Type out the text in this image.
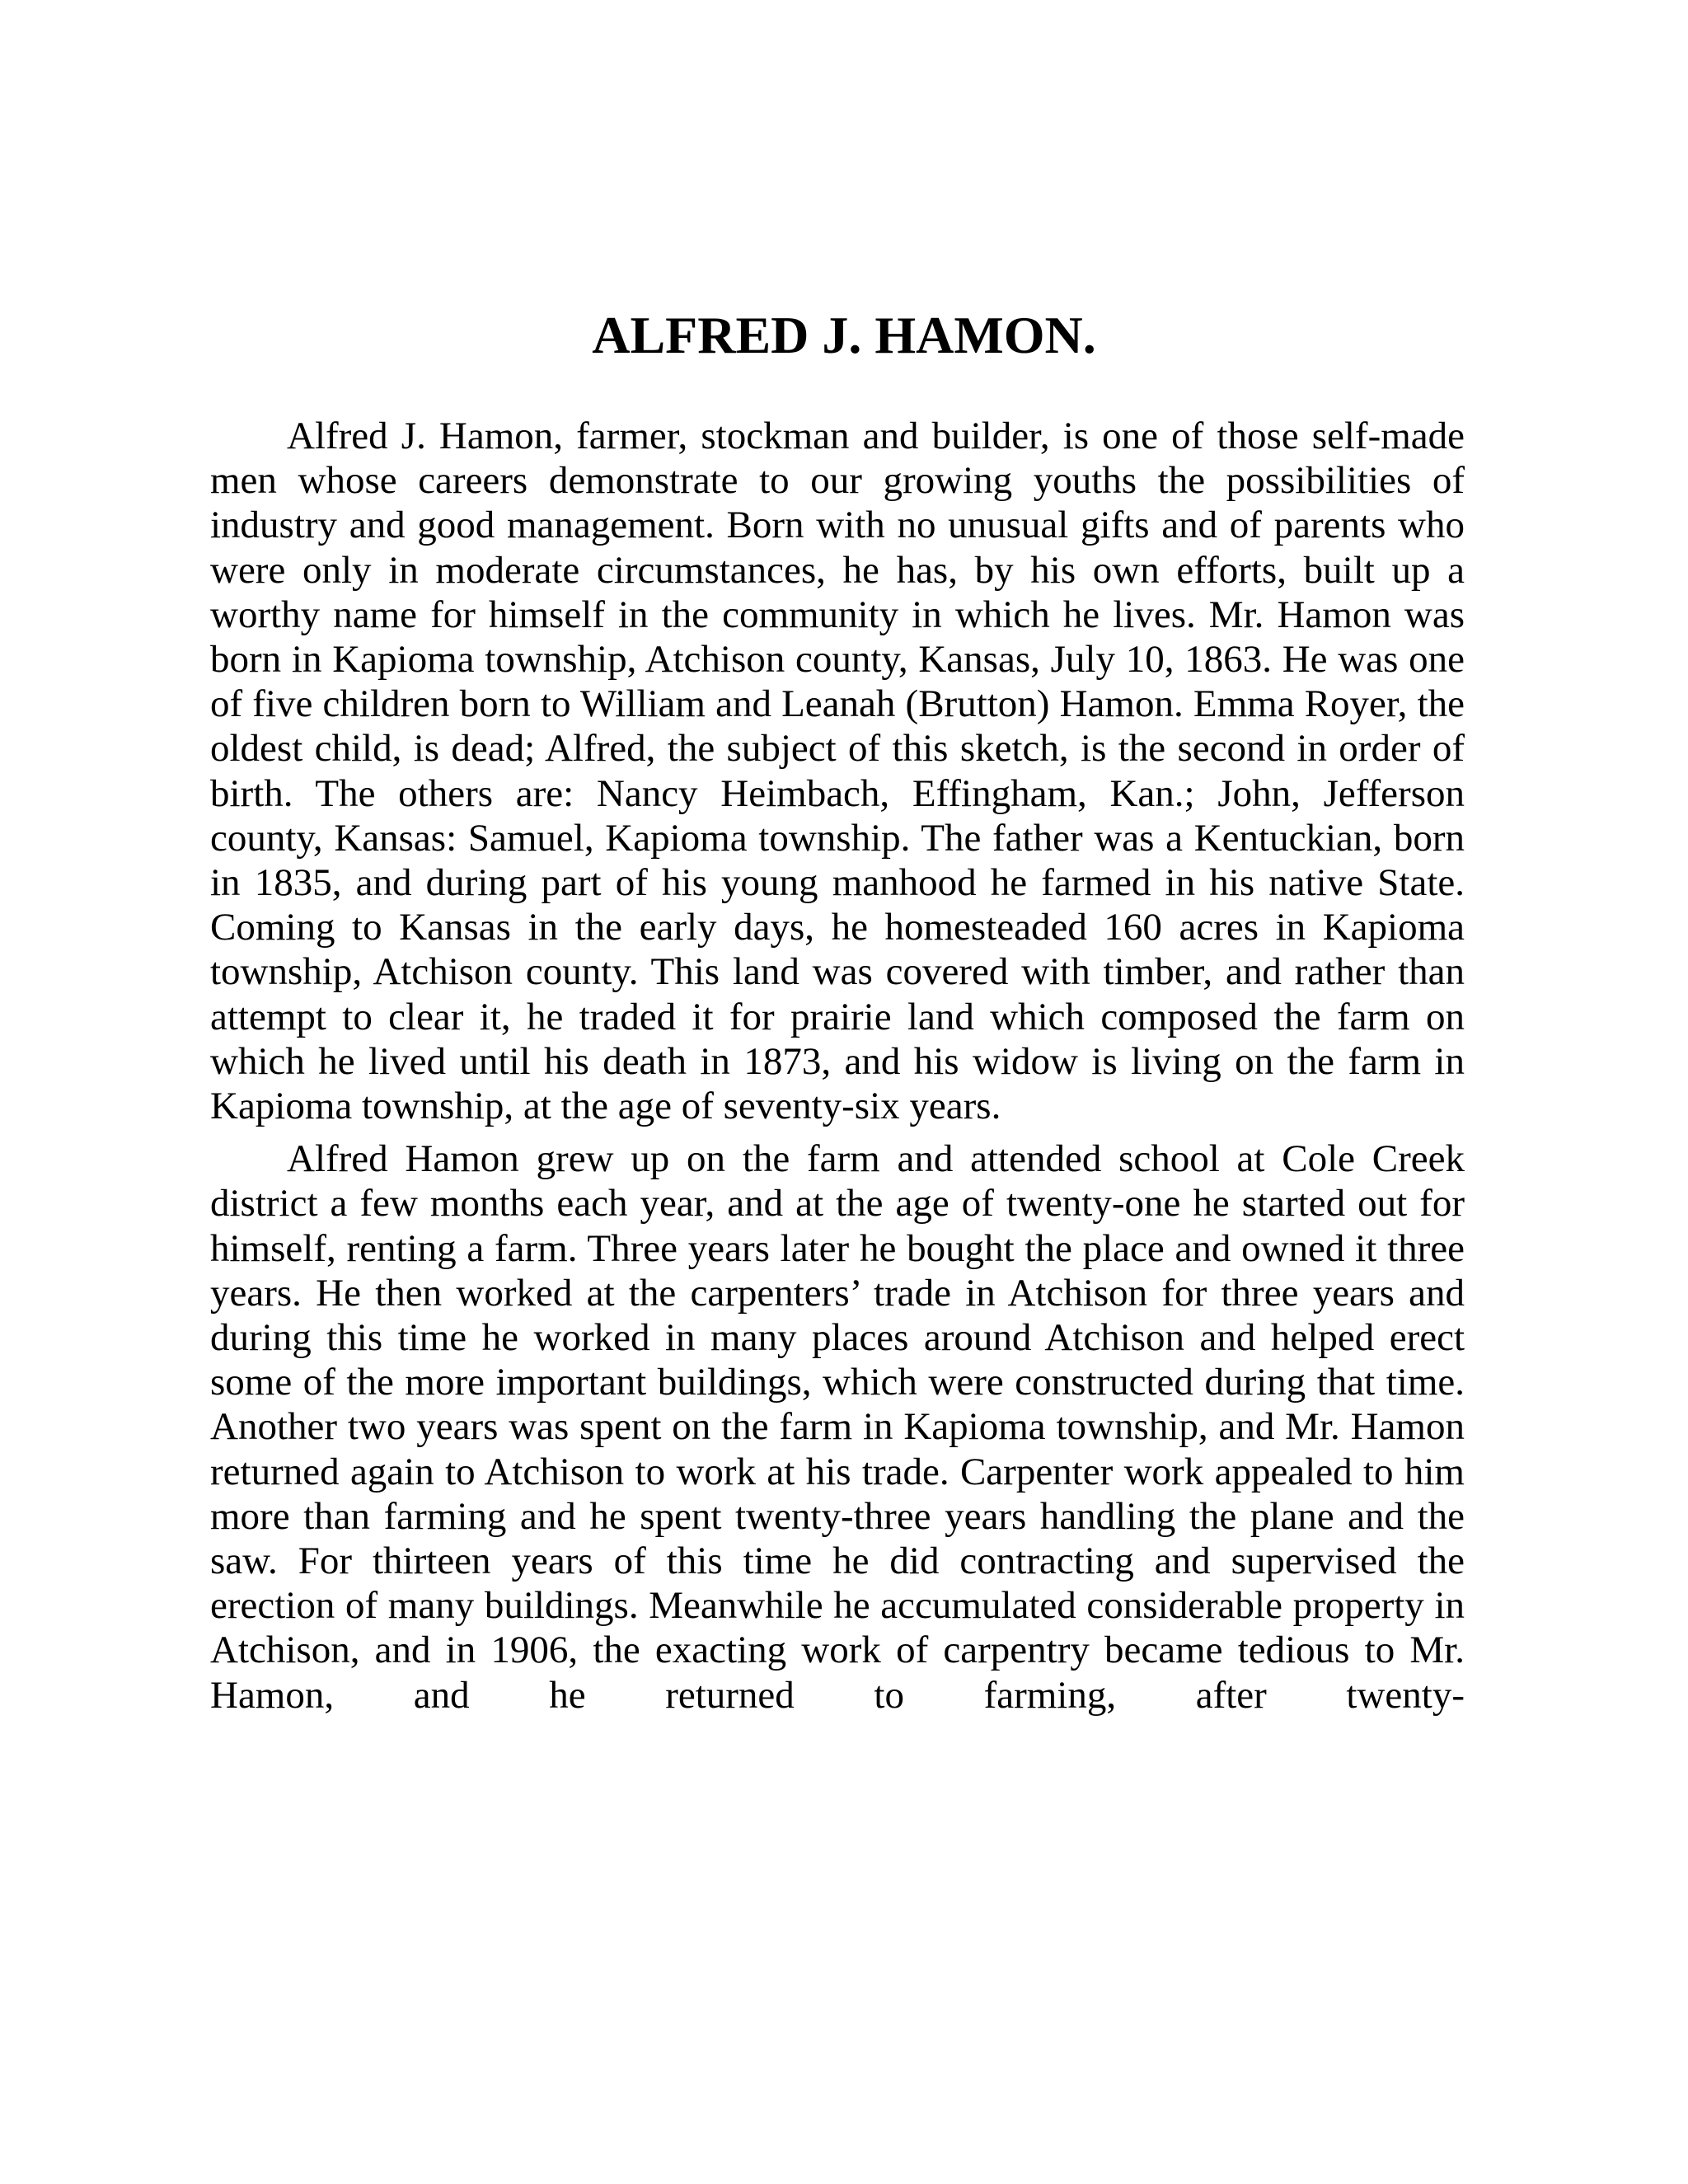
ALFRED J. HAMON.

Alfred J. Hamon, farmer, stockman and builder, is one of those self-made men whose careers demonstrate to our growing youths the possibilities of industry and good management. Born with no unusual gifts and of parents who were only in moderate circumstances, he has, by his own efforts, built up a worthy name for himself in the community in which he lives. Mr. Hamon was born in Kapioma township, Atchison county, Kansas, July 10, 1863. He was one of five children born to William and Leanah (Brutton) Hamon. Emma Royer, the oldest child, is dead; Alfred, the subject of this sketch, is the second in order of birth. The others are: Nancy Heimbach, Effingham, Kan.; John, Jefferson county, Kansas: Samuel, Kapioma township. The father was a Kentuckian, born in 1835, and during part of his young manhood he farmed in his native State. Coming to Kansas in the early days, he homesteaded 160 acres in Kapioma township, Atchison county. This land was covered with timber, and rather than attempt to clear it, he traded it for prairie land which composed the farm on which he lived until his death in 1873, and his widow is living on the farm in Kapioma township, at the age of seventy-six years.

Alfred Hamon grew up on the farm and attended school at Cole Creek district a few months each year, and at the age of twenty-one he started out for himself, renting a farm. Three years later he bought the place and owned it three years. He then worked at the carpenters’ trade in Atchison for three years and during this time he worked in many places around Atchison and helped erect some of the more important buildings, which were constructed during that time. Another two years was spent on the farm in Kapioma township, and Mr. Hamon returned again to Atchison to work at his trade. Carpenter work appealed to him more than farming and he spent twenty-three years handling the plane and the saw. For thirteen years of this time he did contracting and supervised the erection of many buildings. Meanwhile he accumulated considerable property in Atchison, and in 1906, the exacting work of carpentry became tedious to Mr. Hamon, and he returned to farming, after twenty-
